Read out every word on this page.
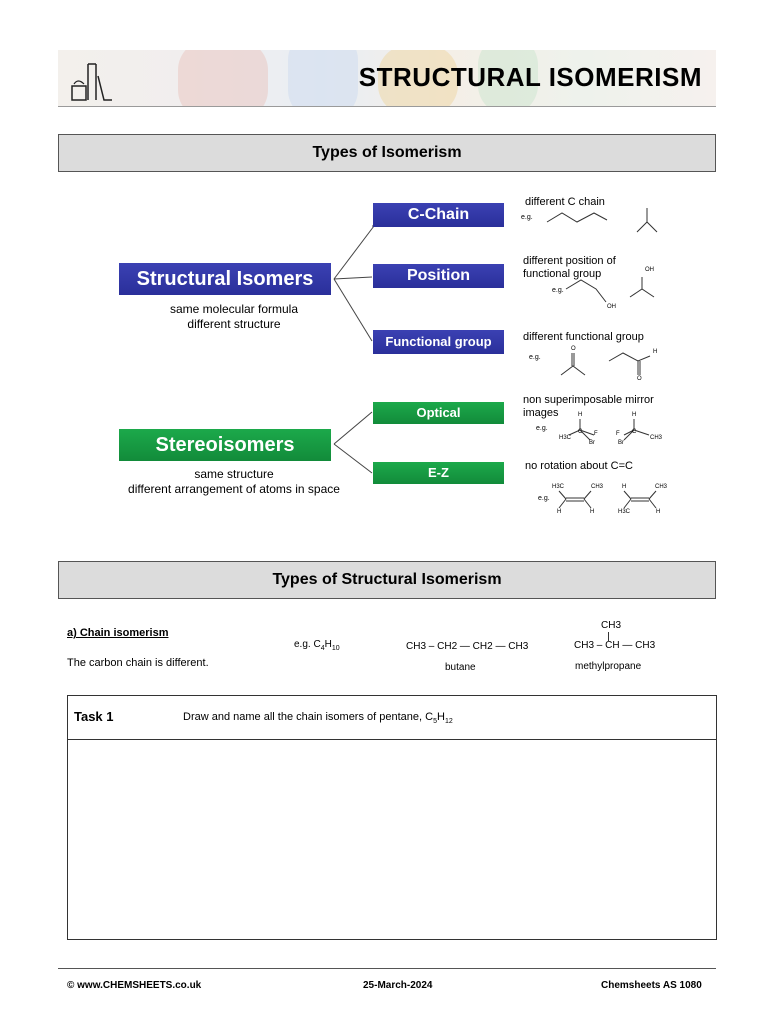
STRUCTURAL ISOMERISM
Types of Isomerism
Structural Isomers
same molecular formula
different structure
Stereoisomers
same structure
different arrangement of atoms in space
C-Chain
Position
Functional group
Optical
E-Z
different C chain
different position of
functional group
different functional group
non superimposable mirror
images
no rotation about C=C
e.g.
e.g.
e.g.
e.g.
e.g.
OH
OH
O	H
O
H
C
H3C
F
Br
H
C
F
Br
CH3
H3C	CH3
H	H
H	CH3
H3C	H
Types of Structural Isomerism
a) Chain isomerism
The carbon chain is different.
e.g. $C_4H_{10}$	CH3 – CH2 — CH2 — CH3
butane
CH3
CH3 – CH — CH3
methylpropane
Task 1	Draw and name all the chain isomers of pentane, $C_5H_{12}$
© www.CHEMSHEETS.co.uk	25-March-2024	Chemsheets AS 1080
